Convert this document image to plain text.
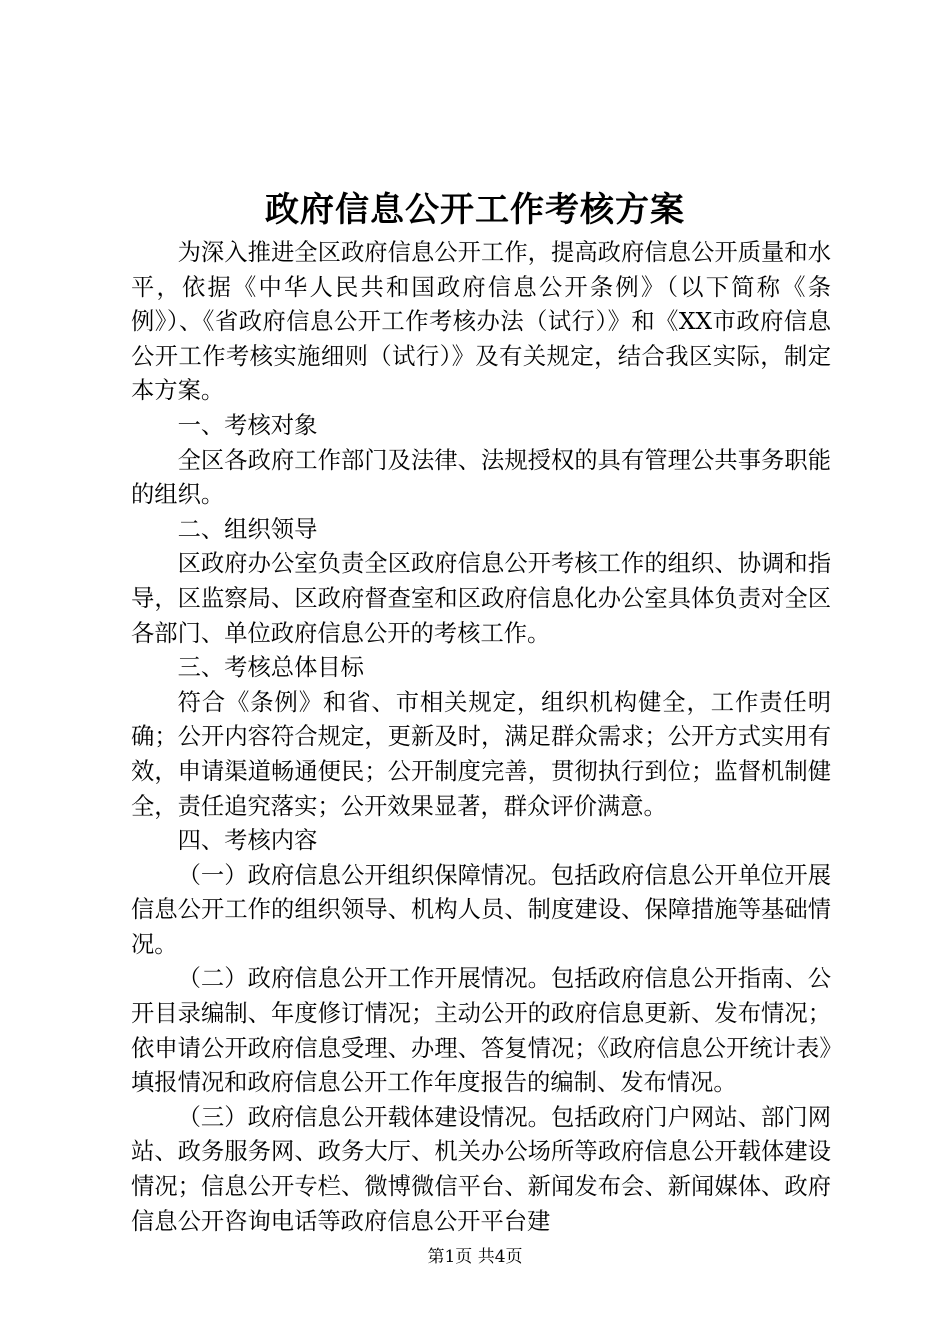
政府信息公开工作考核方案

为深入推进全区政府信息公开工作，提高政府信息公开质量和水平，依据《中华人民共和国政府信息公开条例》（以下简称《条例》）、《省政府信息公开工作考核办法（试行）》和《XX市政府信息公开工作考核实施细则（试行）》及有关规定，结合我区实际，制定本方案。

一、考核对象

全区各政府工作部门及法律、法规授权的具有管理公共事务职能的组织。

二、组织领导

区政府办公室负责全区政府信息公开考核工作的组织、协调和指导，区监察局、区政府督查室和区政府信息化办公室具体负责对全区各部门、单位政府信息公开的考核工作。

三、考核总体目标

符合《条例》和省、市相关规定，组织机构健全，工作责任明确；公开内容符合规定，更新及时，满足群众需求；公开方式实用有效，申请渠道畅通便民；公开制度完善，贯彻执行到位；监督机制健全，责任追究落实；公开效果显著，群众评价满意。

四、考核内容

（一）政府信息公开组织保障情况。包括政府信息公开单位开展信息公开工作的组织领导、机构人员、制度建设、保障措施等基础情况。

（二）政府信息公开工作开展情况。包括政府信息公开指南、公开目录编制、年度修订情况；主动公开的政府信息更新、发布情况；依申请公开政府信息受理、办理、答复情况；《政府信息公开统计表》填报情况和政府信息公开工作年度报告的编制、发布情况。

（三）政府信息公开载体建设情况。包括政府门户网站、部门网站、政务服务网、政务大厅、机关办公场所等政府信息公开载体建设情况；信息公开专栏、微博微信平台、新闻发布会、新闻媒体、政府信息公开咨询电话等政府信息公开平台建

第1页 共4页
